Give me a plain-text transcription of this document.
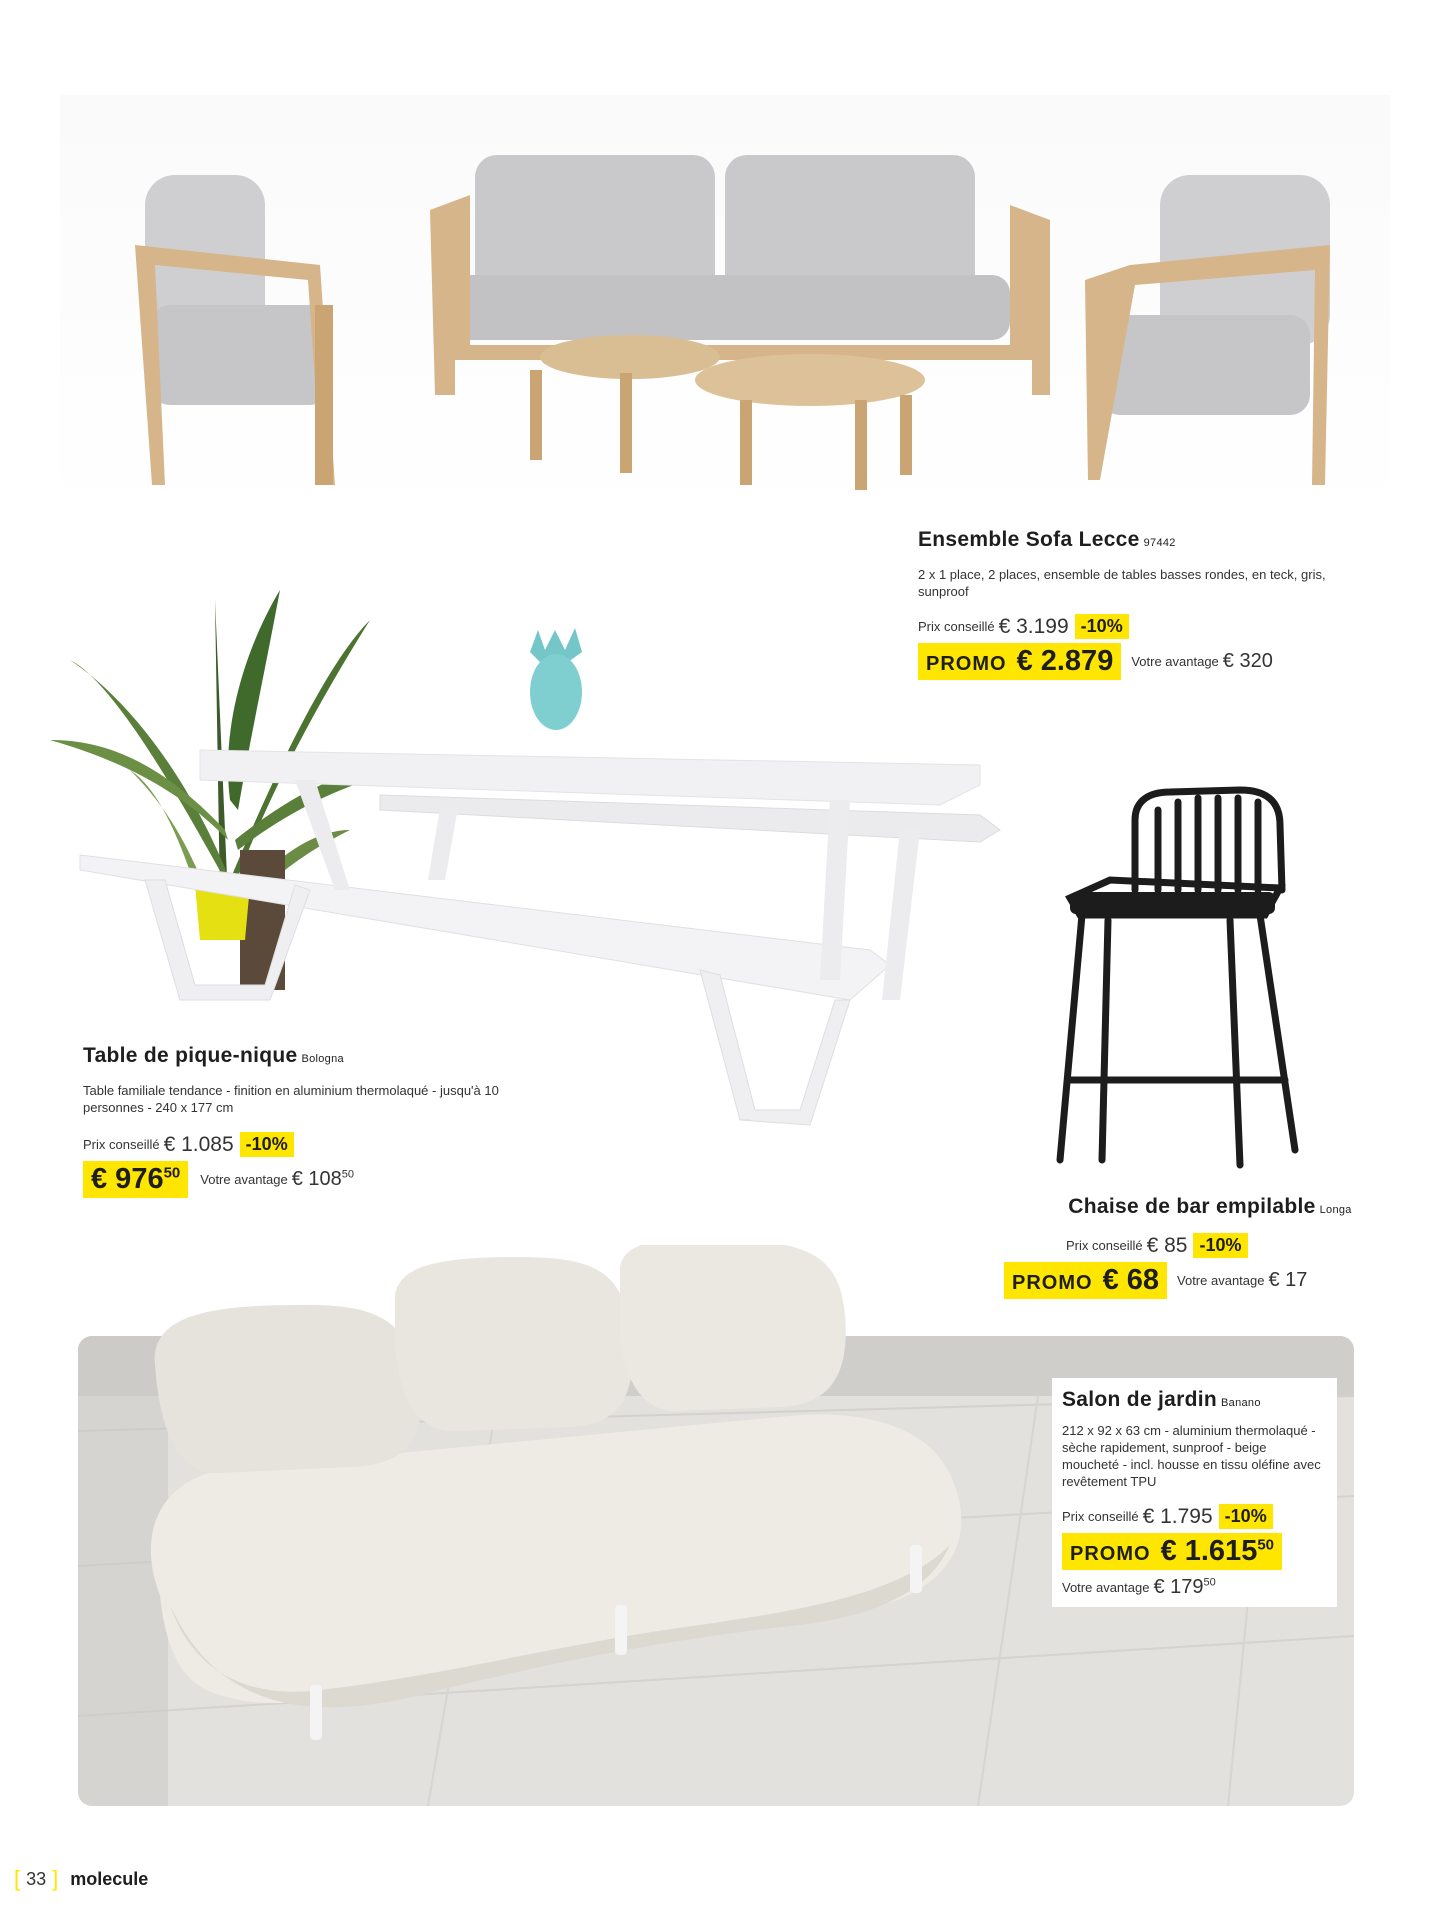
Ensemble Sofa Lecce 97442
2 x 1 place, 2 places, ensemble de tables basses rondes, en teck, gris, sunproof
Prix conseillé € 3.199 -10%
PROMO € 2.879 Votre avantage € 320
Table de pique-nique Bologna
Table familiale tendance - finition en aluminium thermolaqué - jusqu'à 10 personnes - 240 x 177 cm
Prix conseillé € 1.085 -10%
€ $976^{50}$ Votre avantage € $108^{50}$
Chaise de bar empilable Longa
Prix conseillé € 85 -10%
PROMO € 68 Votre avantage € 17
Salon de jardin Banano
212 x 92 x 63 cm - aluminium thermolaqué - sèche rapidement, sunproof - beige moucheté - incl. housse en tissu oléfine avec revêtement TPU
Prix conseillé € 1.795 -10%
PROMO € 1.615$^{50}$
Votre avantage € $179^{50}$
[ 33 ] molecule
